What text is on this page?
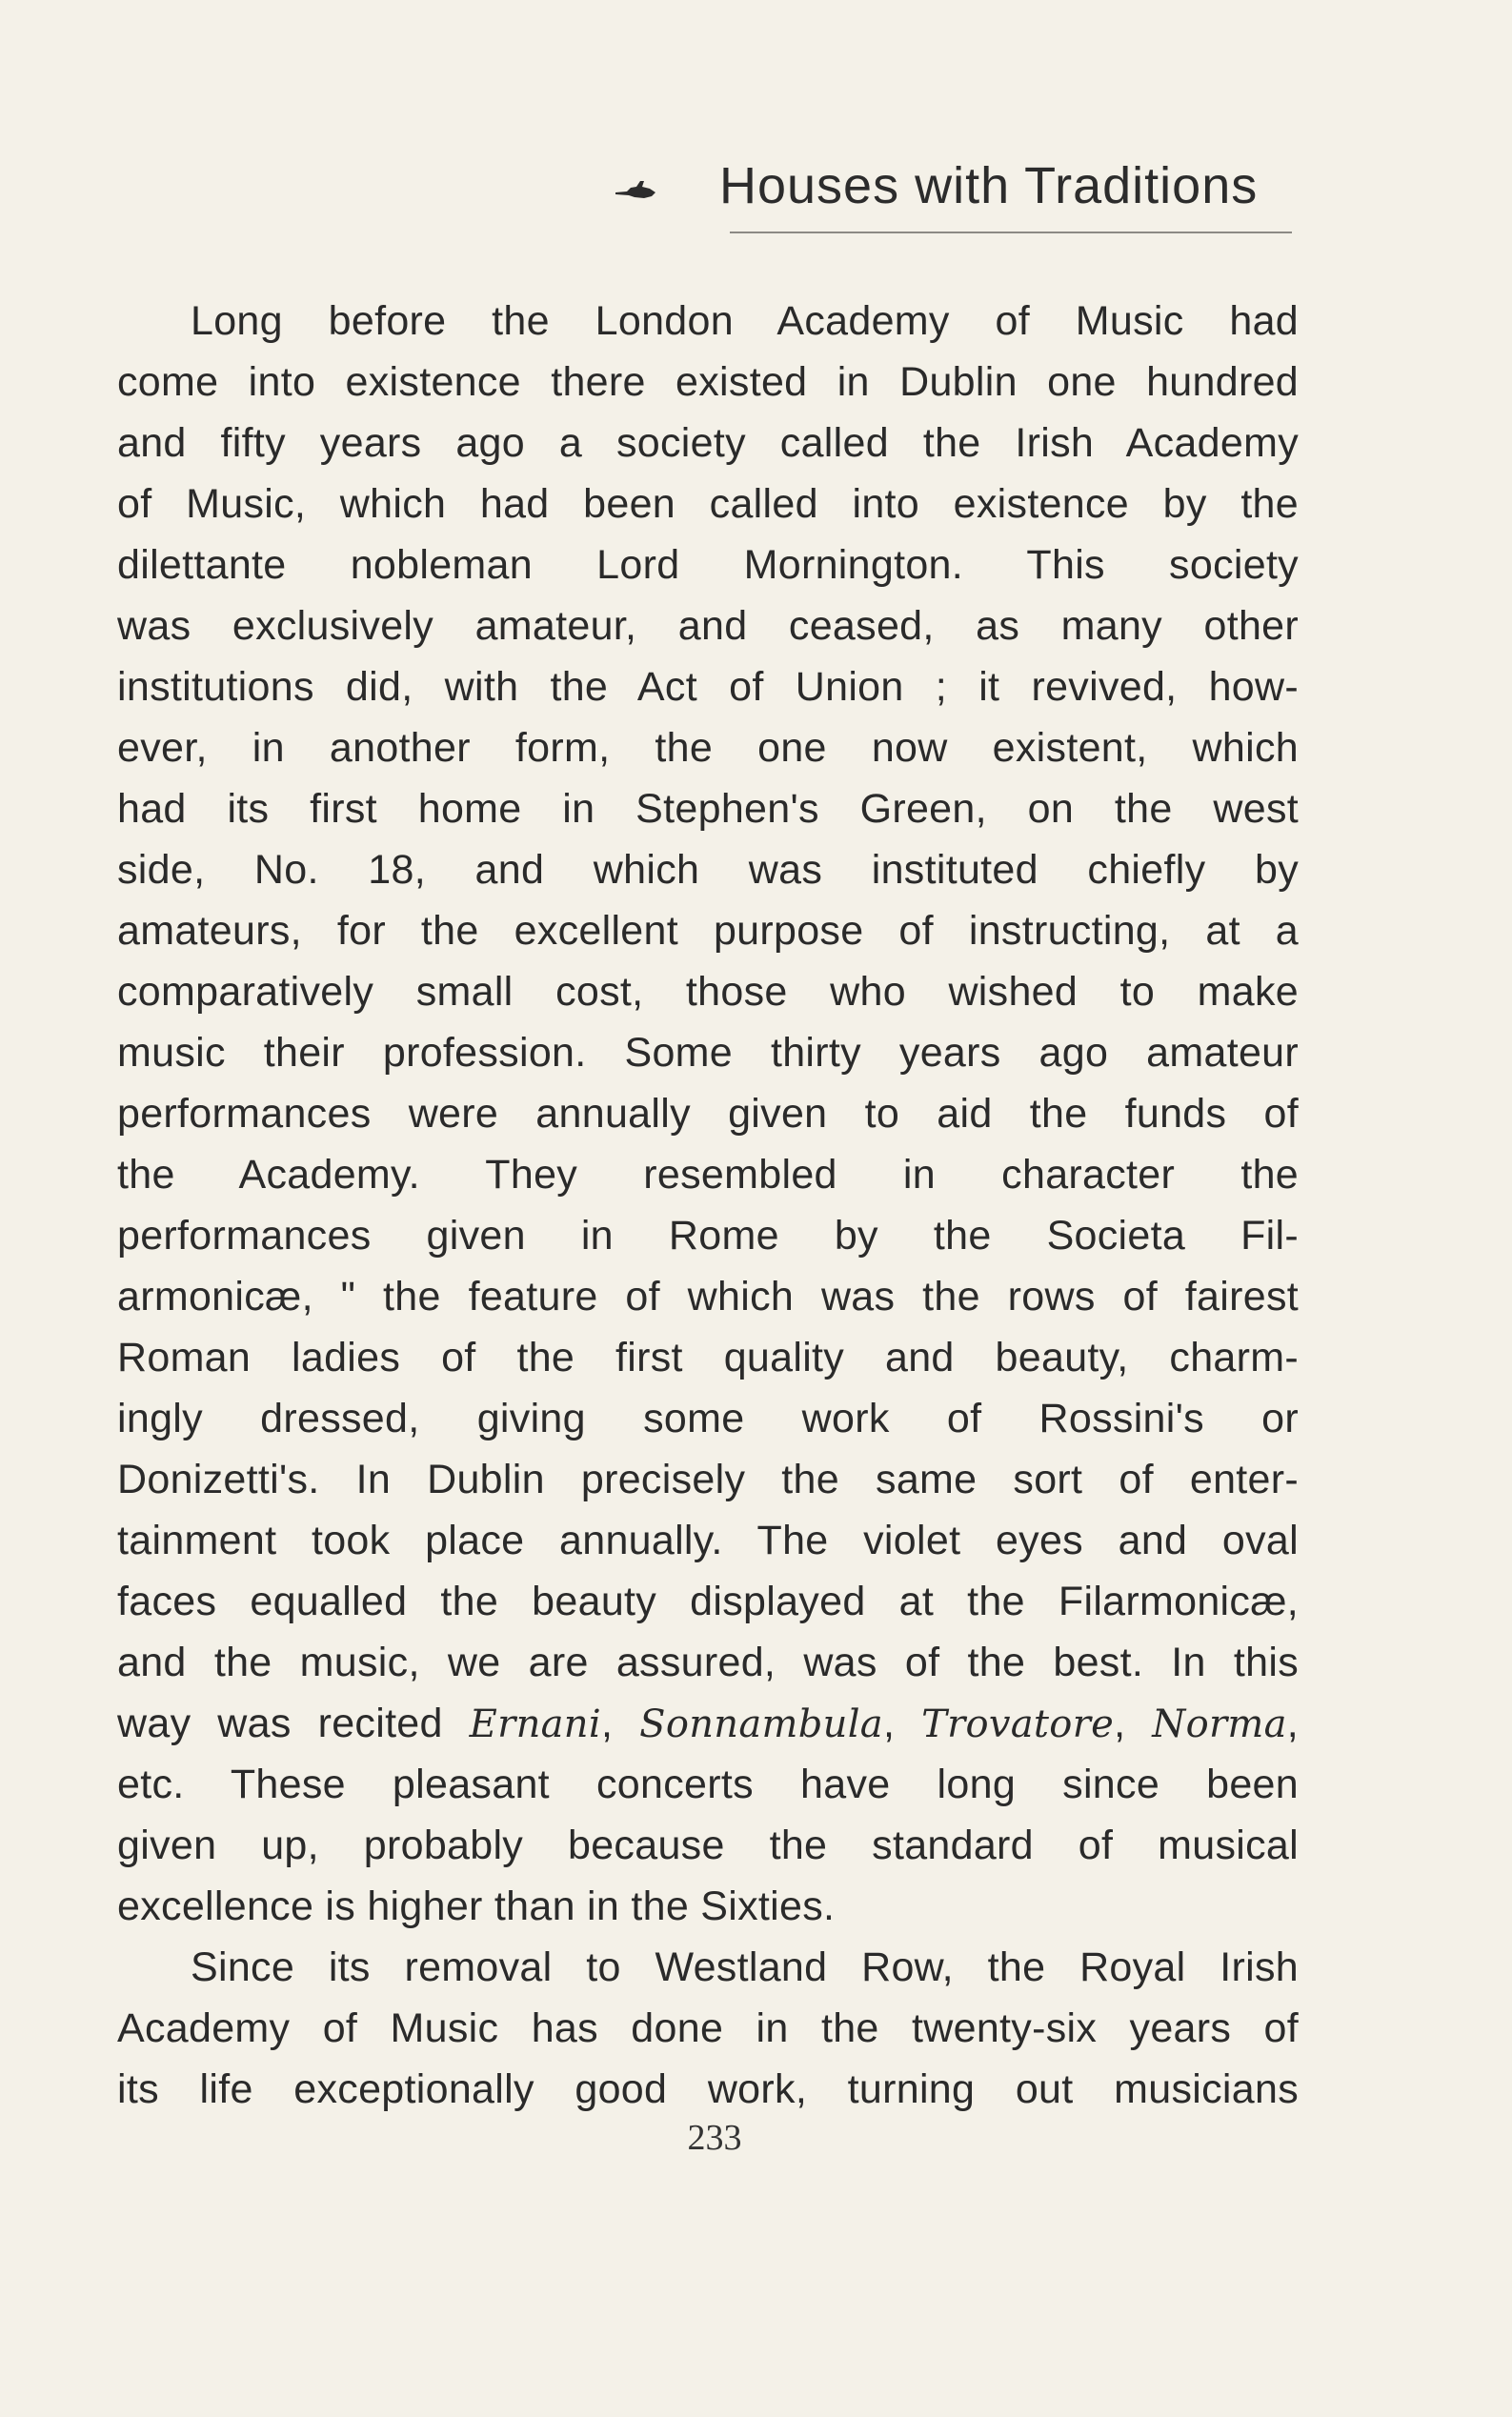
Houses with Traditions
Long before the London Academy of Music had
come into existence there existed in Dublin one hundred
and fifty years ago a society called the Irish Academy
of Music, which had been called into existence by the
dilettante nobleman Lord Mornington. This society
was exclusively amateur, and ceased, as many other
institutions did, with the Act of Union ; it revived, how-
ever, in another form, the one now existent, which
had its first home in Stephen's Green, on the west
side, No. 18, and which was instituted chiefly by
amateurs, for the excellent purpose of instructing, at a
comparatively small cost, those who wished to make
music their profession. Some thirty years ago amateur
performances were annually given to aid the funds of
the Academy. They resembled in character the
performances given in Rome by the Societa Fil-
armonicæ, " the feature of which was the rows of fairest
Roman ladies of the first quality and beauty, charm-
ingly dressed, giving some work of Rossini's or
Donizetti's. In Dublin precisely the same sort of enter-
tainment took place annually. The violet eyes and oval
faces equalled the beauty displayed at the Filarmonicæ,
and the music, we are assured, was of the best. In this
way was recited Ernani, Sonnambula, Trovatore, Norma,
etc. These pleasant concerts have long since been
given up, probably because the standard of musical
excellence is higher than in the Sixties.
Since its removal to Westland Row, the Royal Irish
Academy of Music has done in the twenty-six years of
its life exceptionally good work, turning out musicians
233
